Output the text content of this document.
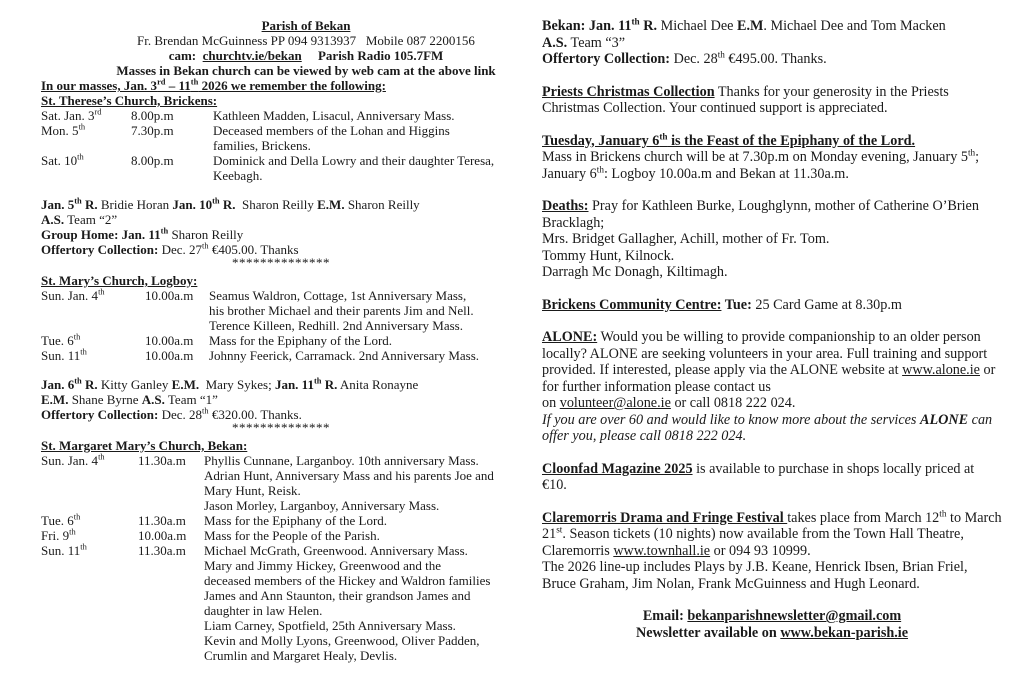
Parish of Bekan
Fr. Brendan McGuinness PP 094 9313937   Mobile 087 2200156
cam: churchtv.ie/bekan Parish Radio 105.7FM
Masses in Bekan church can be viewed by web cam at the above link
In our masses, Jan. 3rd – 11th 2026 we remember the following:
St. Therese’s Church, Brickens:
Sat. Jan. 3rd	8.00p.m	Kathleen Madden, Lisacul, Anniversary Mass.
Mon. 5th	7.30p.m	Deceased members of the Lohan and Higgins
families, Brickens.
Sat. 10th	8.00p.m	Dominick and Della Lowry and their daughter Teresa,
Keebagh.
Jan. 5th R. Bridie Horan Jan. 10th R.  Sharon Reilly E.M. Sharon Reilly
A.S. Team “2”
Group Home: Jan. 11th Sharon Reilly
Offertory Collection: Dec. 27th €405.00. Thanks
**************
St. Mary’s Church, Logboy:
Sun. Jan. 4th	10.00a.m	Seamus Waldron, Cottage, 1st Anniversary Mass,
his brother Michael and their parents Jim and Nell.
Terence Killeen, Redhill. 2nd Anniversary Mass.
Tue. 6th	10.00a.m	Mass for the Epiphany of the Lord.
Sun. 11th	10.00a.m	Johnny Feerick, Carramack. 2nd Anniversary Mass.
Jan. 6th R. Kitty Ganley E.M.  Mary Sykes; Jan. 11th R. Anita Ronayne
E.M. Shane Byrne A.S. Team “1”
Offertory Collection: Dec. 28th €320.00. Thanks.
**************
St. Margaret Mary’s Church, Bekan:
Sun. Jan. 4th	11.30a.m	Phyllis Cunnane, Larganboy. 10th anniversary Mass.
Adrian Hunt, Anniversary Mass and his parents Joe and
Mary Hunt, Reisk.
Jason Morley, Larganboy, Anniversary Mass.
Tue. 6th	11.30a.m	Mass for the Epiphany of the Lord.
Fri. 9th	10.00a.m	Mass for the People of the Parish.
Sun. 11th	11.30a.m	Michael McGrath, Greenwood. Anniversary Mass.
Mary and Jimmy Hickey, Greenwood and the
deceased members of the Hickey and Waldron families
James and Ann Staunton, their grandson James and
daughter in law Helen.
Liam Carney, Spotfield, 25th Anniversary Mass.
Kevin and Molly Lyons, Greenwood, Oliver Padden,
Crumlin and Margaret Healy, Devlis.
Bekan: Jan. 11th R. Michael Dee E.M. Michael Dee and Tom Macken
A.S. Team “3”
Offertory Collection: Dec. 28th €495.00. Thanks.
Priests Christmas Collection Thanks for your generosity in the Priests Christmas Collection. Your continued support is appreciated.
Tuesday, January 6th is the Feast of the Epiphany of the Lord.
Mass in Brickens church will be at 7.30p.m on Monday evening, January 5th; January 6th: Logboy 10.00a.m and Bekan at 11.30a.m.
Deaths: Pray for Kathleen Burke, Loughglynn, mother of Catherine O’Brien Bracklagh;
Mrs. Bridget Gallagher, Achill, mother of Fr. Tom.
Tommy Hunt, Kilnock.
Darragh Mc Donagh, Kiltimagh.
Brickens Community Centre: Tue: 25 Card Game at 8.30p.m
ALONE: Would you be willing to provide companionship to an older person locally? ALONE are seeking volunteers in your area. Full training and support provided. If interested, please apply via the ALONE website at www.alone.ie or for further information please contact us
on volunteer@alone.ie or call 0818 222 024.
If you are over 60 and would like to know more about the services ALONE can offer you, please call 0818 222 024.
Cloonfad Magazine 2025 is available to purchase in shops locally priced at €10.
Claremorris Drama and Fringe Festival takes place from March 12th to March 21st. Season tickets (10 nights) now available from the Town Hall Theatre, Claremorris www.townhall.ie or 094 93 10999.
The 2026 line-up includes Plays by J.B. Keane, Henrick Ibsen, Brian Friel, Bruce Graham, Jim Nolan, Frank McGuinness and Hugh Leonard.
Email: bekanparishnewsletter@gmail.com
Newsletter available on www.bekan-parish.ie
